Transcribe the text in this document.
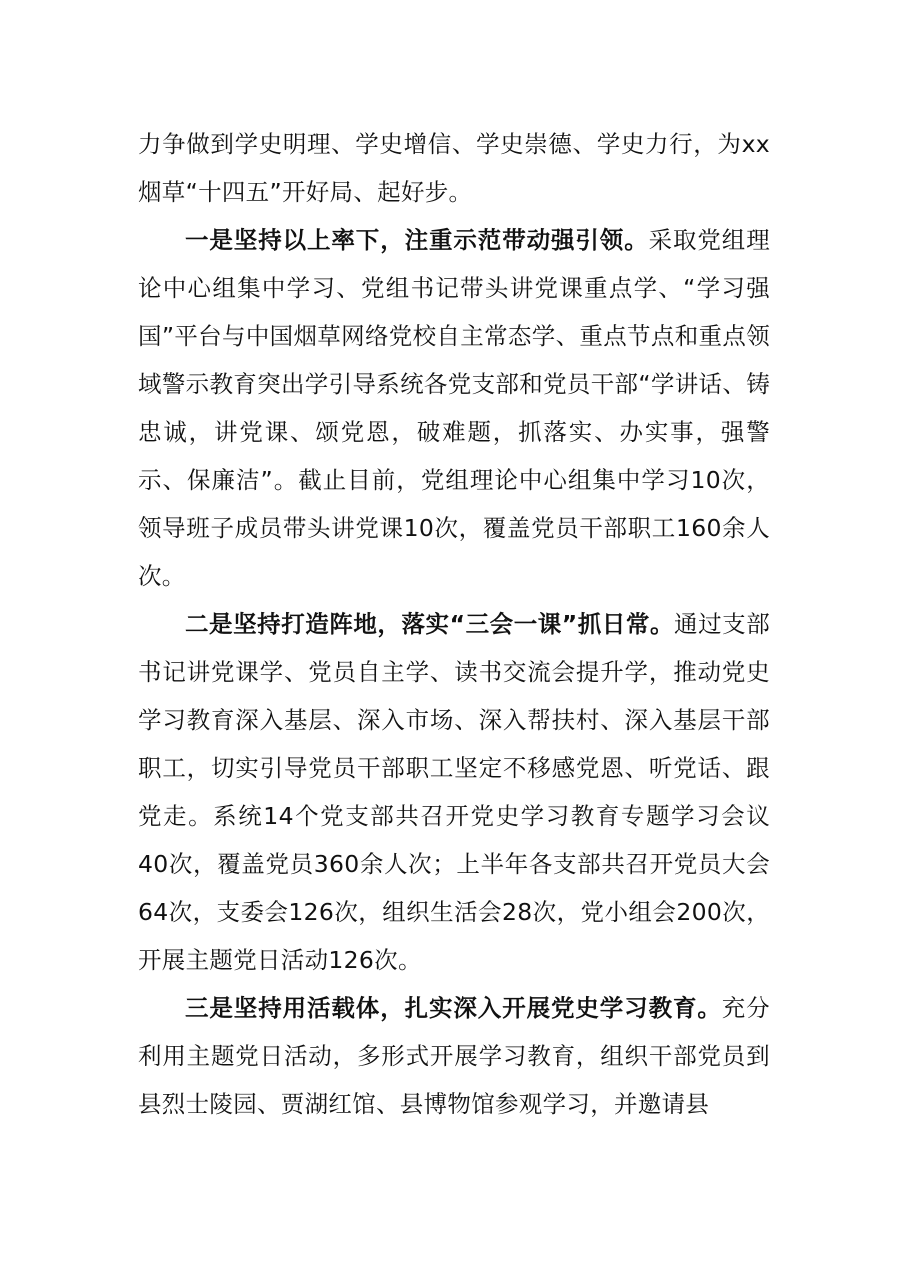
力争做到学史明理、学史增信、学史崇德、学史力行，为xx烟草“十四五”开好局、起好步。

一是坚持以上率下，注重示范带动强引领。采取党组理论中心组集中学习、党组书记带头讲党课重点学、“学习强国”平台与中国烟草网络党校自主常态学、重点节点和重点领域警示教育突出学引导系统各党支部和党员干部“学讲话、铸忠诚，讲党课、颂党恩，破难题，抓落实、办实事，强警示、保廉洁”。截止目前，党组理论中心组集中学习10次，领导班子成员带头讲党课10次，覆盖党员干部职工160余人次。

二是坚持打造阵地，落实“三会一课”抓日常。通过支部书记讲党课学、党员自主学、读书交流会提升学，推动党史学习教育深入基层、深入市场、深入帮扶村、深入基层干部职工，切实引导党员干部职工坚定不移感党恩、听党话、跟党走。系统14个党支部共召开党史学习教育专题学习会议40次，覆盖党员360余人次；上半年各支部共召开党员大会64次，支委会126次，组织生活会28次，党小组会200次，开展主题党日活动126次。

三是坚持用活载体，扎实深入开展党史学习教育。充分利用主题党日活动，多形式开展学习教育，组织干部党员到县烈士陵园、贾湖红馆、县博物馆参观学习，并邀请县
